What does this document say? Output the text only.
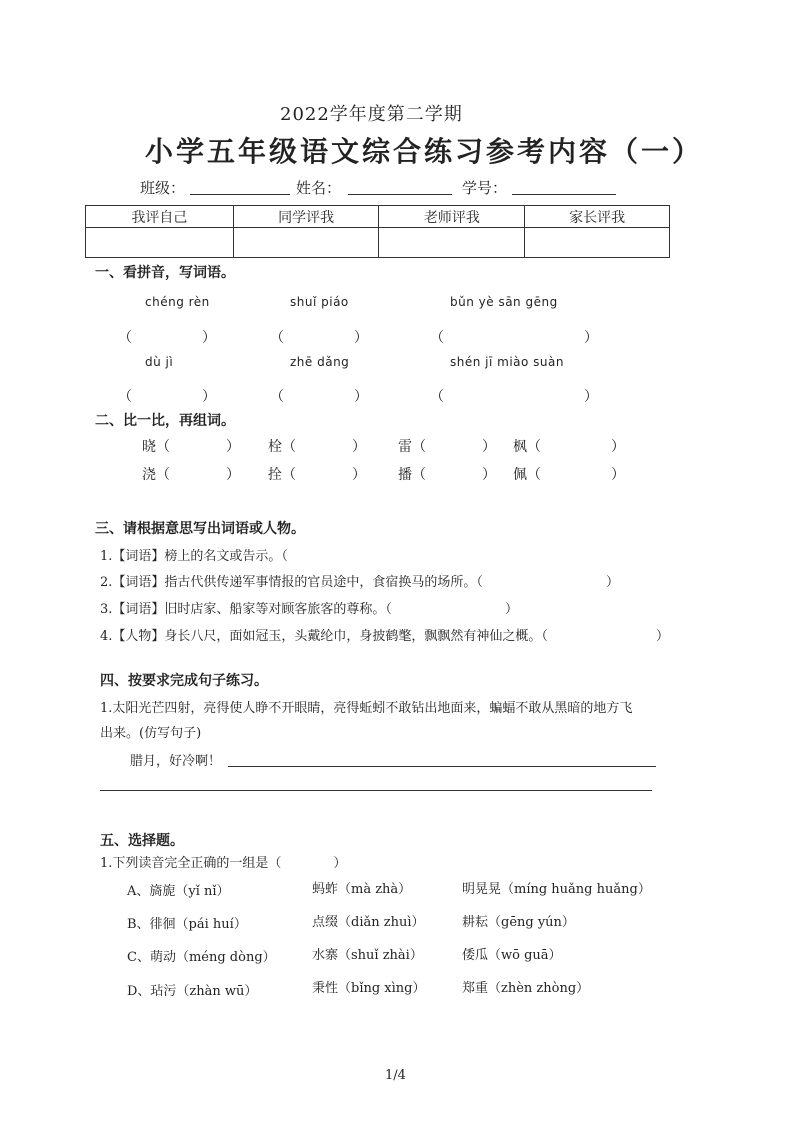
2022学年度第二学期
小学五年级语文综合练习参考内容（一）
班级：	姓名：	学号：
我评自己	同学评我	老师评我	家长评我

一、看拼音，写词语。
chéng rèn	shuǐ piáo	bǔn yè sān gēng
（　　　　　）	（　　　　　）	（　　　　　　　　　　）
dù jì	zhē dǎng	shén jī miào suàn
（　　　　　）	（　　　　　）	（　　　　　　　　　　）
二、比一比，再组词。
晓（　　　　） 栓（　　　　） 雷（　　　　） 枫（　　　　　）
浇（　　　　） 拴（　　　　） 播（　　　　） 佩（　　　　　）
三、请根据意思写出词语或人物。
1.【词语】榜上的名文或告示。（
2.【词语】指古代供传递军事情报的官员途中，食宿换马的场所。（	）
3.【词语】旧时店家、船家等对顾客旅客的尊称。（	）
4.【人物】身长八尺，面如冠玉，头戴纶巾，身披鹤氅，飘飘然有神仙之概。（	）
四、按要求完成句子练习。
1.太阳光芒四射，亮得使人睁不开眼睛，亮得蚯蚓不敢钻出地面来，蝙蝠不敢从黑暗的地方飞
出来。(仿写句子)
腊月，好冷啊！
五、选择题。
1.下列读音完全正确的一组是（　　　　）
A、旖旎（yǐ nǐ）	蚂蚱（mà zhà）	明晃晃（míng huǎng huǎng）
B、徘徊（pái huí）	点缀（diǎn zhuì）	耕耘（gēng yún）
C、萌动（méng dòng）	水寨（shuǐ zhài）	倭瓜（wō guā）
D、玷污（zhàn wū）	秉性（bǐng xìng）	郑重（zhèn zhòng）
1/4
